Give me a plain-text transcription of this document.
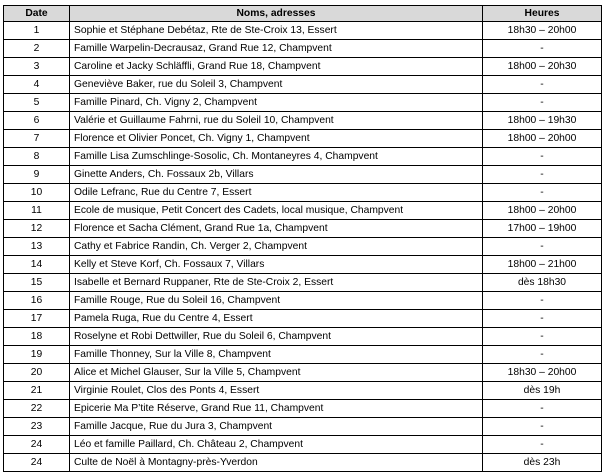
Date	Noms, adresses	Heures
1	Sophie et Stéphane Debétaz, Rte de Ste-Croix 13, Essert	18h30 – 20h00
2	Famille Warpelin-Decrausaz, Grand Rue 12, Champvent	-
3	Caroline et Jacky Schläffli, Grand Rue 18, Champvent	18h00 – 20h30
4	Geneviève Baker, rue du Soleil 3, Champvent	-
5	Famille Pinard, Ch. Vigny 2, Champvent	-
6	Valérie et Guillaume Fahrni, rue du Soleil 10, Champvent	18h00 – 19h30
7	Florence et Olivier Poncet, Ch. Vigny 1, Champvent	18h00 – 20h00
8	Famille Lisa Zumschlinge-Sosolic, Ch. Montaneyres 4, Champvent	-
9	Ginette Anders, Ch. Fossaux 2b, Villars	-
10	Odile Lefranc, Rue du Centre 7, Essert	-
11	Ecole de musique, Petit Concert des Cadets, local musique, Champvent	18h00 – 20h00
12	Florence et Sacha Clément, Grand Rue 1a, Champvent	17h00 – 19h00
13	Cathy et Fabrice Randin, Ch. Verger 2, Champvent	-
14	Kelly et Steve Korf, Ch. Fossaux 7, Villars	18h00 – 21h00
15	Isabelle et Bernard Ruppaner, Rte de Ste-Croix 2, Essert	dès 18h30
16	Famille Rouge, Rue du Soleil 16, Champvent	-
17	Pamela Ruga, Rue du Centre 4, Essert	-
18	Roselyne et Robi Dettwiller, Rue du Soleil 6, Champvent	-
19	Famille Thonney, Sur la Ville 8, Champvent	-
20	Alice et Michel Glauser, Sur la Ville 5, Champvent	18h30 – 20h00
21	Virginie Roulet, Clos des Ponts 4, Essert	dès 19h
22	Epicerie Ma P’tite Réserve, Grand Rue 11, Champvent	-
23	Famille Jacque, Rue du Jura 3, Champvent	-
24	Léo et famille Paillard, Ch. Château 2, Champvent	-
24	Culte de Noël à Montagny-près-Yverdon	dès 23h
